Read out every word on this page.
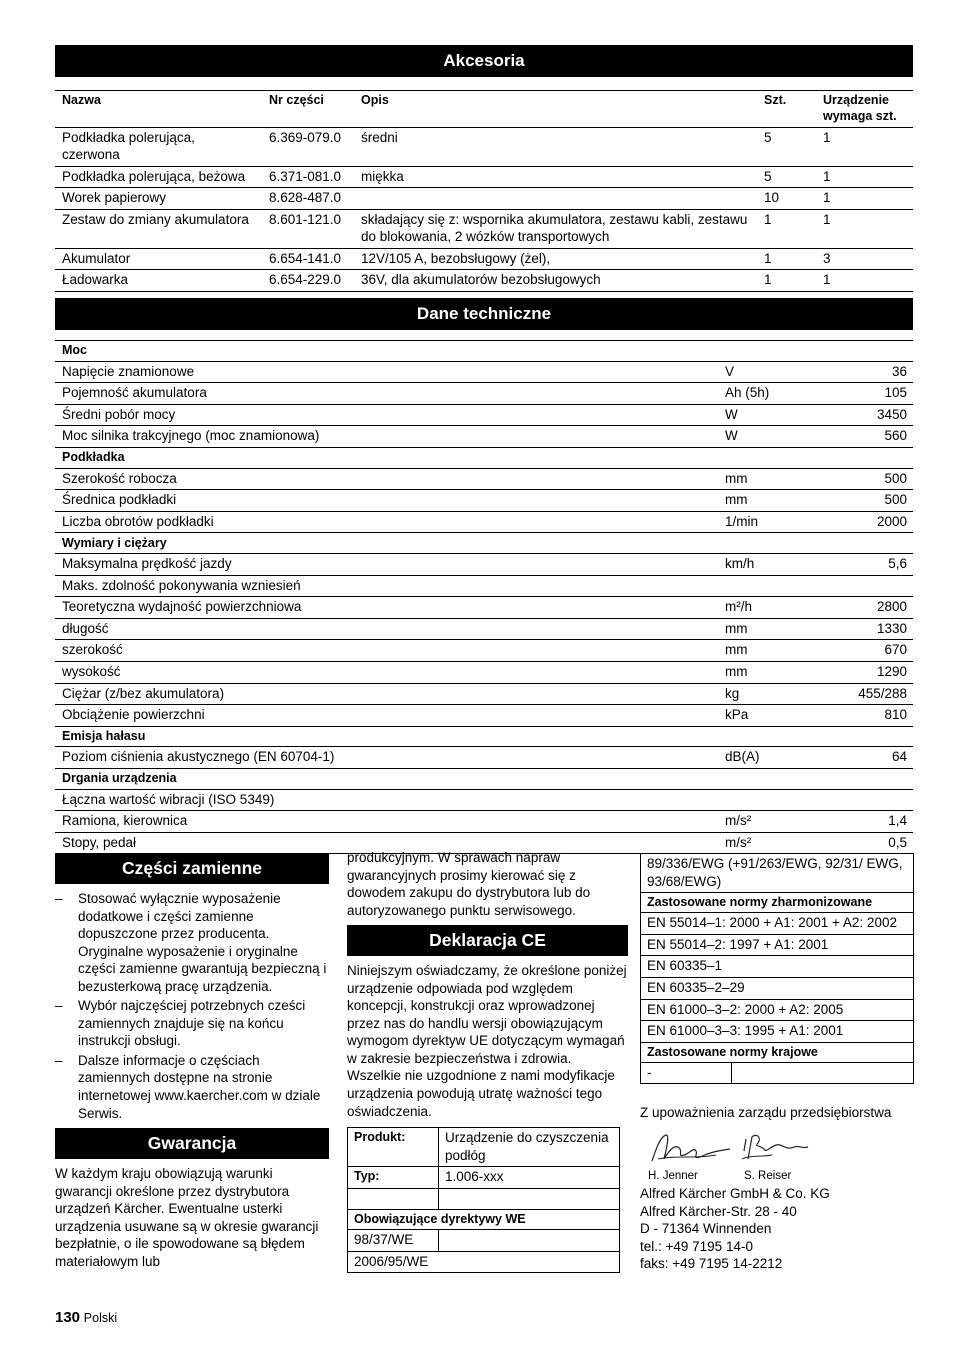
Akcesoria
Nazwa	Nr części	Opis	Szt.	Urządzenie wymaga szt.
Podkładka polerująca, czerwona	6.369-079.0	średni	5	1
Podkładka polerująca, beżowa	6.371-081.0	miękka	5	1
Worek papierowy	8.628-487.0		10	1
Zestaw do zmiany akumulatora	8.601-121.0	składający się z: wspornika akumulatora, zestawu kabli, zestawu do blokowania, 2 wózków transportowych	1	1
Akumulator	6.654-141.0	12V/105 A, bezobsługowy (żel),	1	3
Ładowarka	6.654-229.0	36V, dla akumulatorów bezobsługowych	1	1
Dane techniczne
Moc		
Napięcie znamionowe	V	36
Pojemność akumulatora	Ah (5h)	105
Średni pobór mocy	W	3450
Moc silnika trakcyjnego (moc znamionowa)	W	560
Podkładka		
Szerokość robocza	mm	500
Średnica podkładki	mm	500
Liczba obrotów podkładki	1/min	2000
Wymiary i ciężary		
Maksymalna prędkość jazdy	km/h	5,6
Maks. zdolność pokonywania wzniesień		
Teoretyczna wydajność powierzchniowa	m²/h	2800
długość	mm	1330
szerokość	mm	670
wysokość	mm	1290
Ciężar (z/bez akumulatora)	kg	455/288
Obciążenie powierzchni	kPa	810
Emisja hałasu		
Poziom ciśnienia akustycznego (EN 60704-1)	dB(A)	64
Drgania urządzenia		
Łączna wartość wibracji (ISO 5349)		
Ramiona, kierownica	m/s²	1,4
Stopy, pedał	m/s²	0,5
Części zamienne
– Stosować wyłącznie wyposażenie dodatkowe i części zamienne dopuszczone przez producenta. Oryginalne wyposażenie i oryginalne części zamienne gwarantują bezpieczną i bezusterkową pracę urządzenia.
– Wybór najczęściej potrzebnych cześci zamiennych znajduje się na końcu instrukcji obsługi.
– Dalsze informacje o częściach zamiennych dostępne na stronie internetowej www.kaercher.com w dziale Serwis.
Gwarancja

W każdym kraju obowiązują warunki gwarancji określone przez dystrybutora urządzeń Kärcher. Ewentualne usterki urządzenia usuwane są w okresie gwarancji bezpłatnie, o ile spowodowane są błędem materiałowym lub

produkcyjnym. W sprawach napraw gwarancyjnych prosimy kierować się z dowodem zakupu do dystrybutora lub do autoryzowanego punktu serwisowego.

Deklaracja CE

Niniejszym oświadczamy, że określone poniżej urządzenie odpowiada pod względem koncepcji, konstrukcji oraz wprowadzonej przez nas do handlu wersji obowiązującym wymogom dyrektyw UE dotyczącym wymagań w zakresie bezpieczeństwa i zdrowia. Wszelkie nie uzgodnione z nami modyfikacje urządzenia powodują utratę ważności tego oświadczenia.

Produkt:	Urządzenie do czyszczenia podłóg
Typ:	1.006-xxx

Obowiązujące dyrektywy WE	
98/37/WE	
2006/95/WE	
89/336/EWG (+91/263/EWG, 92/31/ EWG, 93/68/EWG)
Zastosowane normy zharmonizowane
EN 55014–1: 2000 + A1: 2001 + A2: 2002
EN 55014–2: 1997 + A1: 2001
EN 60335–1
EN 60335–2–29
EN 61000–3–2: 2000 + A2: 2005
EN 61000–3–3: 1995 + A1: 2001
Zastosowane normy krajowe
-	

Z upoważnienia zarządu przedsiębiorstwa

H. Jenner	S. Reiser
Alfred Kärcher GmbH & Co. KG
Alfred Kärcher-Str. 28 - 40
D - 71364 Winnenden
tel.: +49 7195 14-0
faks: +49 7195 14-2212
130 Polski
